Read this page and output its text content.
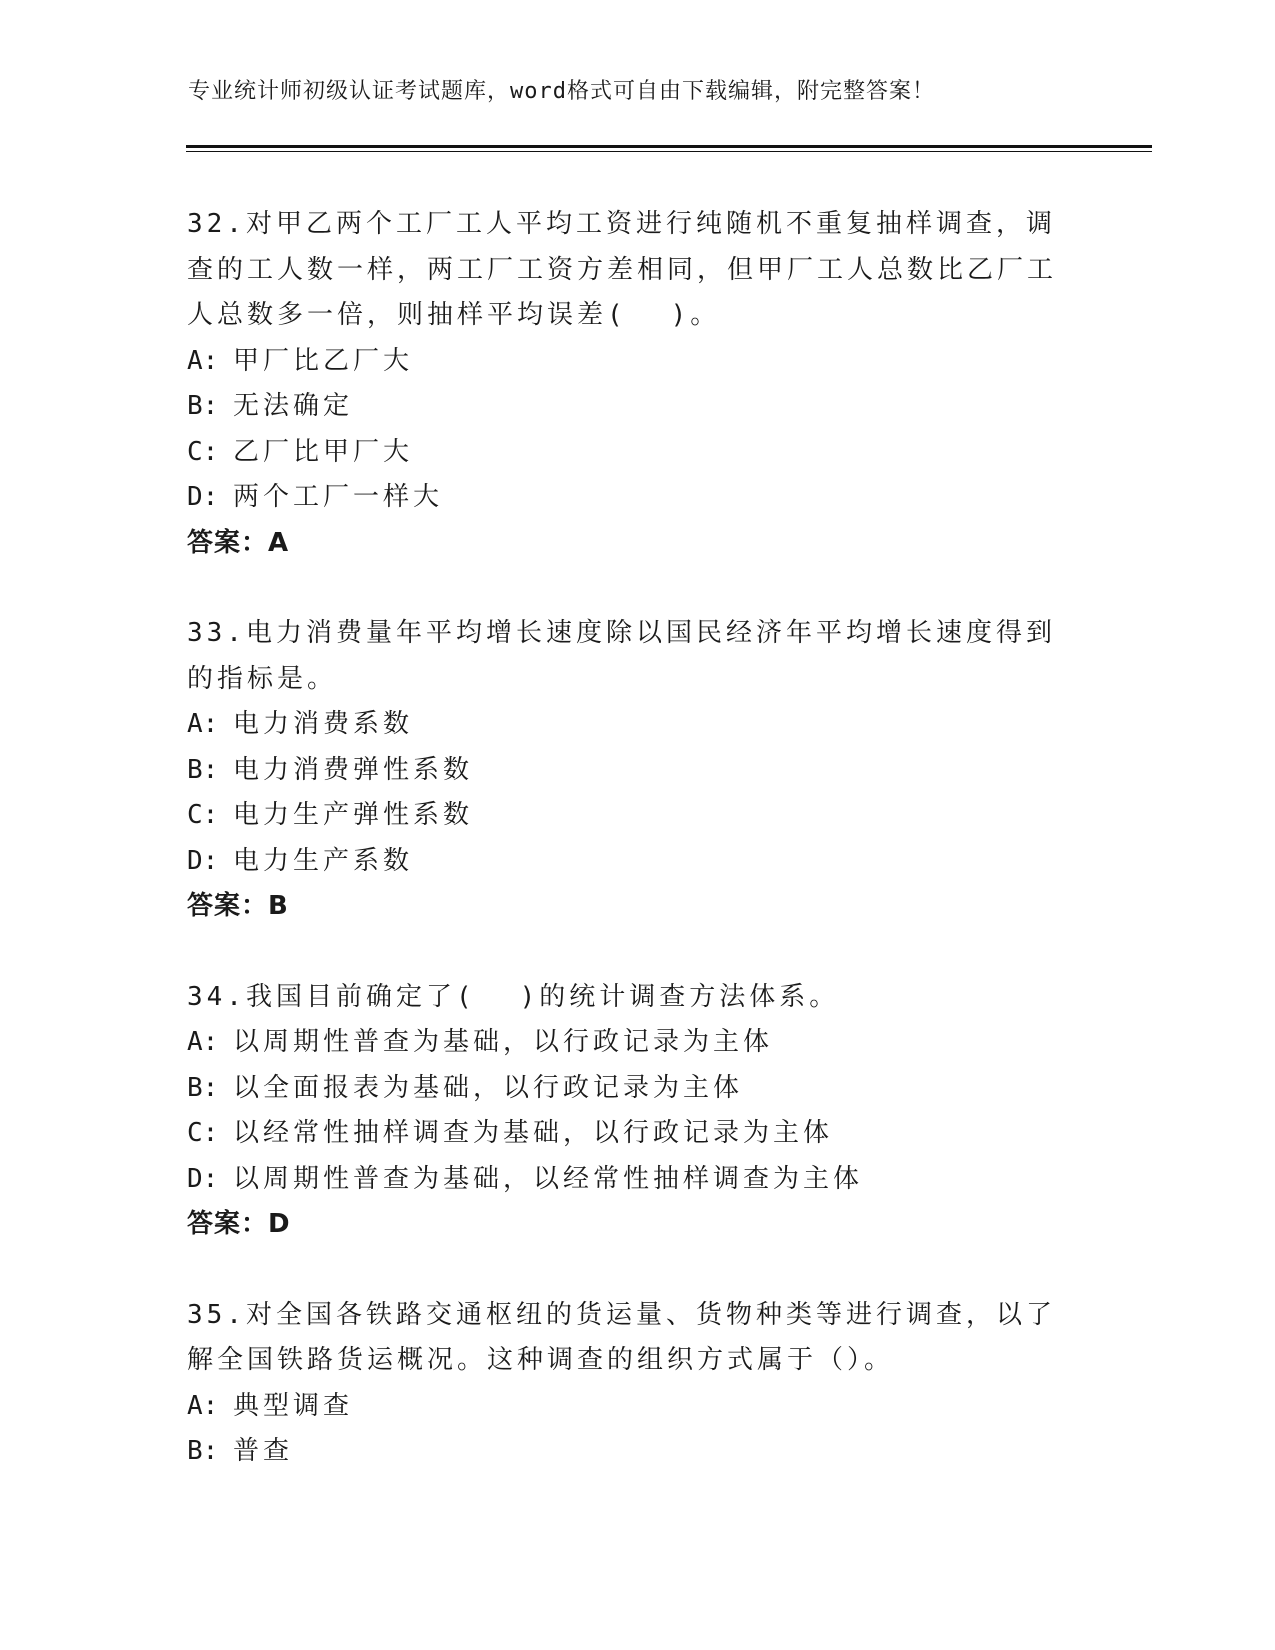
专业统计师初级认证考试题库，word格式可自由下载编辑，附完整答案！

32.对甲乙两个工厂工人平均工资进行纯随机不重复抽样调查，调查的工人数一样，两工厂工资方差相同，但甲厂工人总数比乙厂工人总数多一倍，则抽样平均误差( )。

A: 甲厂比乙厂大

B: 无法确定

C: 乙厂比甲厂大

D: 两个工厂一样大

答案：A

33.电力消费量年平均增长速度除以国民经济年平均增长速度得到的指标是。

A: 电力消费系数

B: 电力消费弹性系数

C: 电力生产弹性系数

D: 电力生产系数

答案：B

34.我国目前确定了( )的统计调查方法体系。

A: 以周期性普查为基础，以行政记录为主体

B: 以全面报表为基础，以行政记录为主体

C: 以经常性抽样调查为基础，以行政记录为主体

D: 以周期性普查为基础，以经常性抽样调查为主体

答案：D

35.对全国各铁路交通枢纽的货运量、货物种类等进行调查，以了解全国铁路货运概况。这种调查的组织方式属于（）。

A: 典型调查

B: 普查
